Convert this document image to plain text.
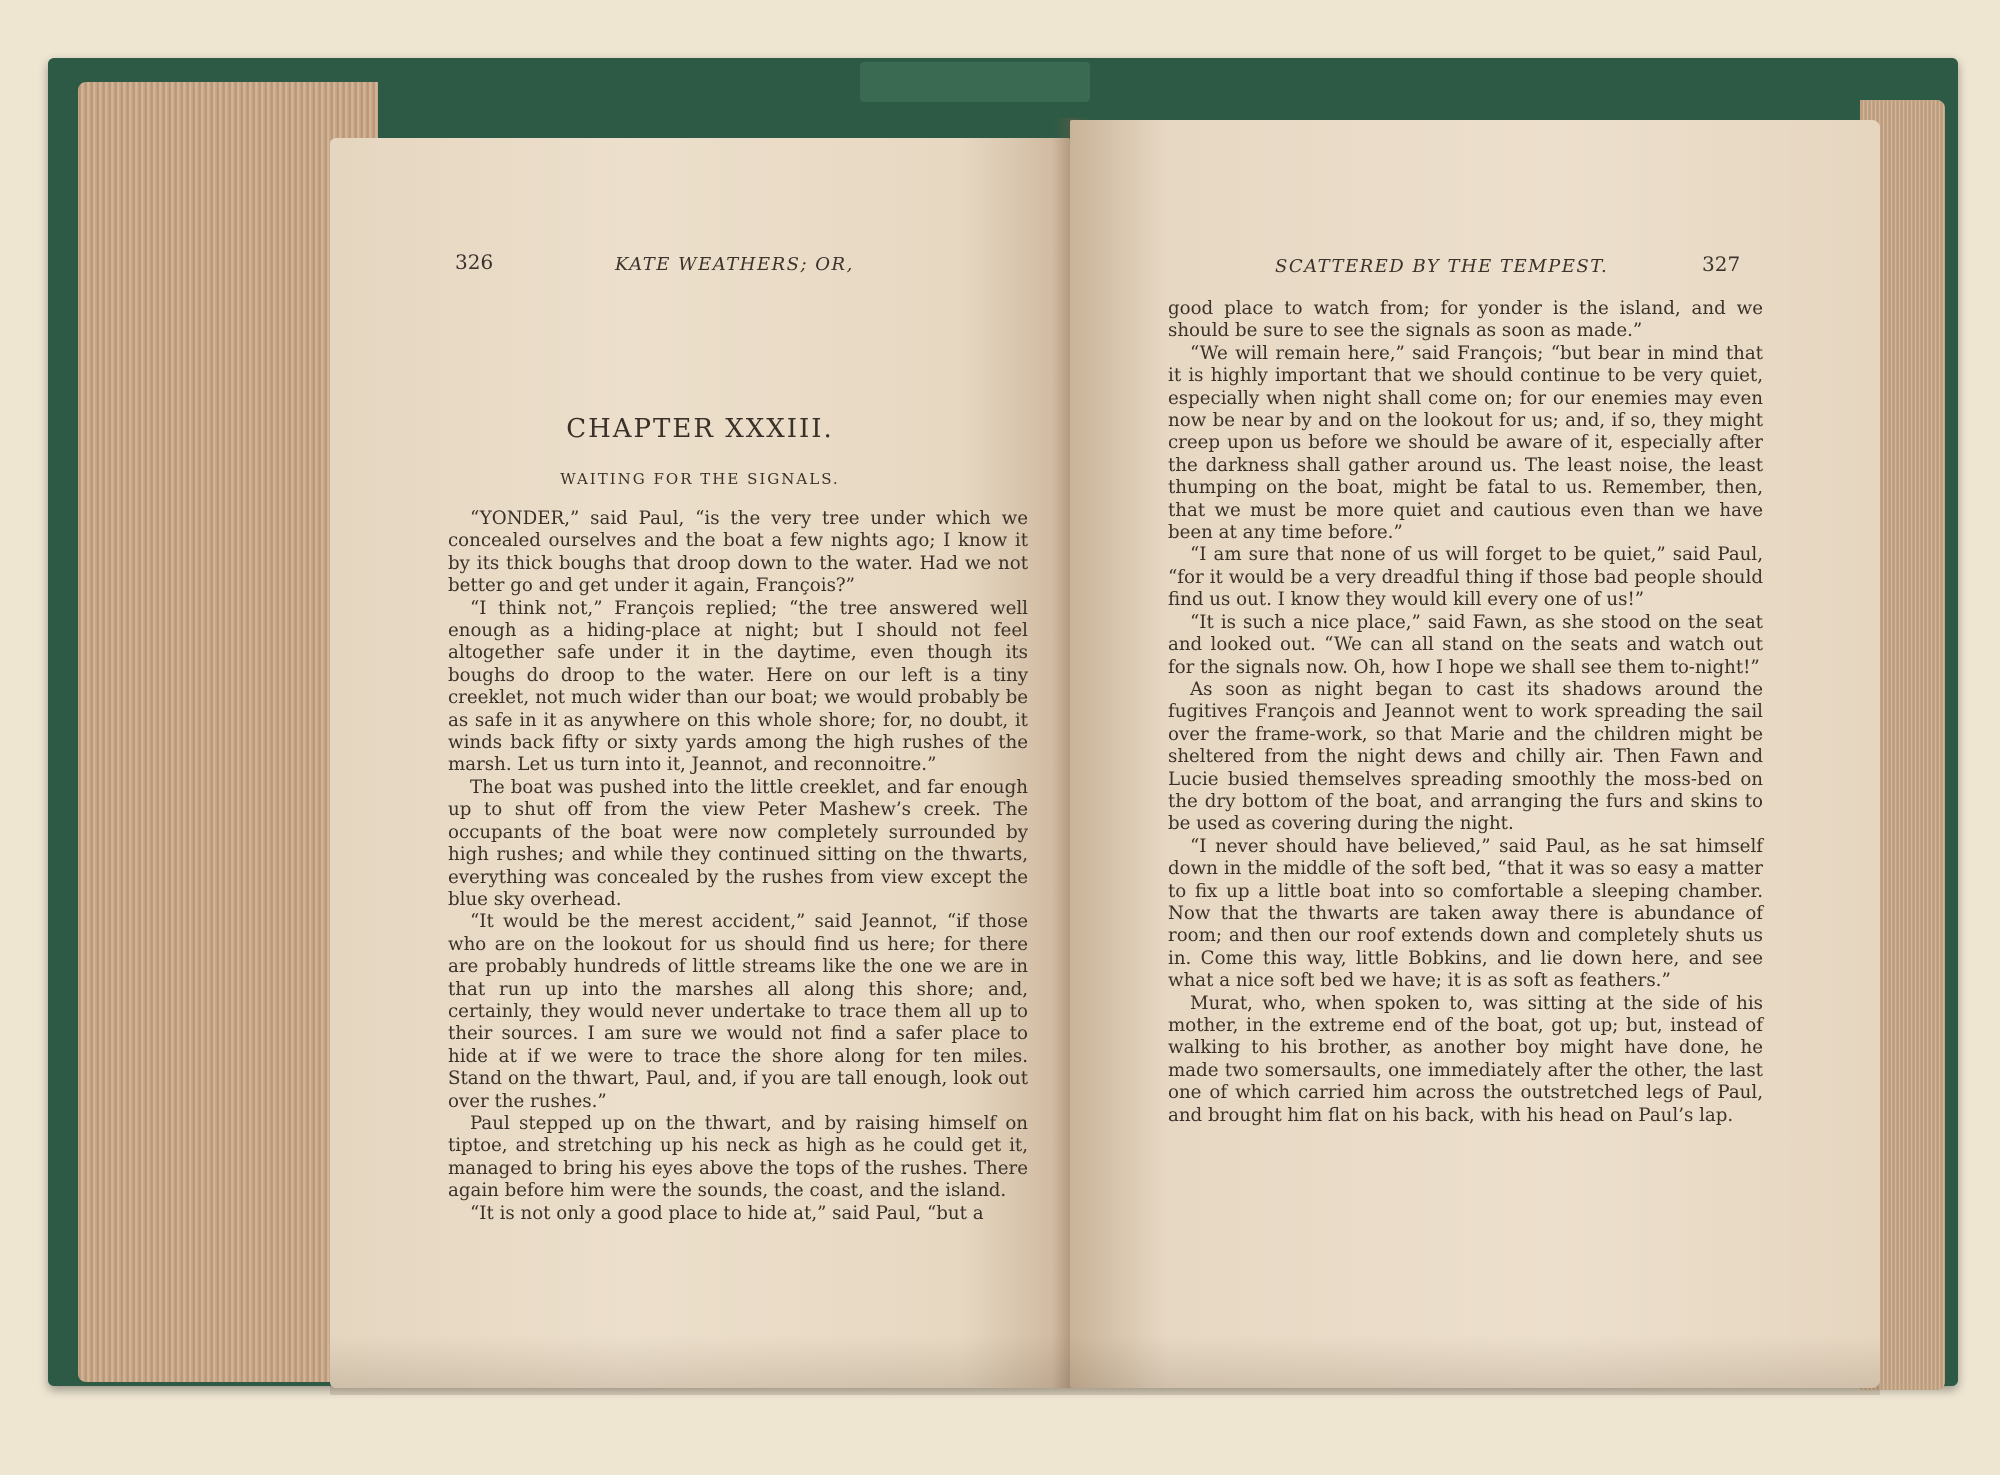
326	KATE WEATHERS; OR,
CHAPTER XXXIII.
WAITING FOR THE SIGNALS.

“YONDER,” said Paul, “is the very tree under which we concealed ourselves and the boat a few nights ago; I know it by its thick boughs that droop down to the water. Had we not better go and get under it again, François?”

“I think not,” François replied; “the tree answered well enough as a hiding-place at night; but I should not feel altogether safe under it in the daytime, even though its boughs do droop to the water. Here on our left is a tiny creeklet, not much wider than our boat; we would probably be as safe in it as anywhere on this whole shore; for, no doubt, it winds back fifty or sixty yards among the high rushes of the marsh. Let us turn into it, Jeannot, and reconnoitre.”

The boat was pushed into the little creeklet, and far enough up to shut off from the view Peter Mashew’s creek. The occupants of the boat were now completely surrounded by high rushes; and while they continued sitting on the thwarts, everything was concealed by the rushes from view except the blue sky overhead.

“It would be the merest accident,” said Jeannot, “if those who are on the lookout for us should find us here; for there are probably hundreds of little streams like the one we are in that run up into the marshes all along this shore; and, certainly, they would never undertake to trace them all up to their sources. I am sure we would not find a safer place to hide at if we were to trace the shore along for ten miles. Stand on the thwart, Paul, and, if you are tall enough, look out over the rushes.”

Paul stepped up on the thwart, and by raising himself on tiptoe, and stretching up his neck as high as he could get it, managed to bring his eyes above the tops of the rushes. There again before him were the sounds, the coast, and the island.

“It is not only a good place to hide at,” said Paul, “but a

SCATTERED BY THE TEMPEST.	327

good place to watch from; for yonder is the island, and we should be sure to see the signals as soon as made.”

“We will remain here,” said François; “but bear in mind that it is highly important that we should continue to be very quiet, especially when night shall come on; for our enemies may even now be near by and on the lookout for us; and, if so, they might creep upon us before we should be aware of it, especially after the darkness shall gather around us. The least noise, the least thumping on the boat, might be fatal to us. Remember, then, that we must be more quiet and cautious even than we have been at any time before.”

“I am sure that none of us will forget to be quiet,” said Paul, “for it would be a very dreadful thing if those bad people should find us out. I know they would kill every one of us!”

“It is such a nice place,” said Fawn, as she stood on the seat and looked out. “We can all stand on the seats and watch out for the signals now. Oh, how I hope we shall see them to-night!”

As soon as night began to cast its shadows around the fugitives François and Jeannot went to work spreading the sail over the frame-work, so that Marie and the children might be sheltered from the night dews and chilly air. Then Fawn and Lucie busied themselves spreading smoothly the moss-bed on the dry bottom of the boat, and arranging the furs and skins to be used as covering during the night.

“I never should have believed,” said Paul, as he sat himself down in the middle of the soft bed, “that it was so easy a matter to fix up a little boat into so comfortable a sleeping chamber. Now that the thwarts are taken away there is abundance of room; and then our roof extends down and completely shuts us in. Come this way, little Bobkins, and lie down here, and see what a nice soft bed we have; it is as soft as feathers.”

Murat, who, when spoken to, was sitting at the side of his mother, in the extreme end of the boat, got up; but, instead of walking to his brother, as another boy might have done, he made two somersaults, one immediately after the other, the last one of which carried him across the outstretched legs of Paul, and brought him flat on his back, with his head on Paul’s lap.
